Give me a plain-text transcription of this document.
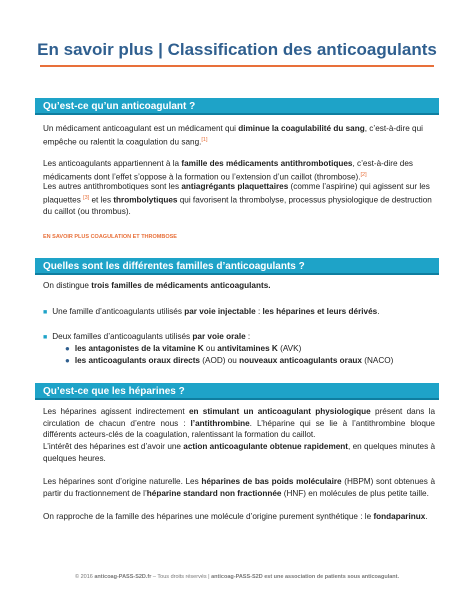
En savoir plus | Classification des anticoagulants
Qu’est-ce qu’un anticoagulant ?

Un médicament anticoagulant est un médicament qui diminue la coagulabilité du sang, c’est-à-dire qui empêche ou ralentit la coagulation du sang.[1]

Les anticoagulants appartiennent à la famille des médicaments antithrombotiques, c’est-à-dire des médicaments dont l’effet s’oppose à la formation ou l’extension d’un caillot (thrombose).[2]

Les autres antithrombotiques sont les antiagrégants plaquettaires (comme l’aspirine) qui agissent sur les plaquettes [3] et les thrombolytiques qui favorisent la thrombolyse, processus physiologique de destruction du caillot (ou thrombus).

EN SAVOIR PLUS COAGULATION ET THROMBOSE
Quelles sont les différentes familles d’anticoagulants ?

On distingue trois familles de médicaments anticoagulants.

■ Une famille d’anticoagulants utilisés par voie injectable : les héparines et leurs dérivés.

■ Deux familles d’anticoagulants utilisés par voie orale :

● les antagonistes de la vitamine K ou antivitamines K (AVK)

● les anticoagulants oraux directs (AOD) ou nouveaux anticoagulants oraux (NACO)

Qu’est-ce que les héparines ?

Les héparines agissent indirectement en stimulant un anticoagulant physiologique présent dans la circulation de chacun d’entre nous : l’antithrombine. L’héparine qui se lie à l’antithrombine bloque différents acteurs-clés de la coagulation, ralentissant la formation du caillot.

L’intérêt des héparines est d’avoir une action anticoagulante obtenue rapidement, en quelques minutes à quelques heures.

Les héparines sont d’origine naturelle. Les héparines de bas poids moléculaire (HBPM) sont obtenues à partir du fractionnement de l’héparine standard non fractionnée (HNF) en molécules de plus petite taille.

On rapproche de la famille des héparines une molécule d’origine purement synthétique : le fondaparinux.

© 2016 anticoag-PASS-S2D.fr – Tous droits réservés | anticoag-PASS-S2D est une association de patients sous anticoagulant.
